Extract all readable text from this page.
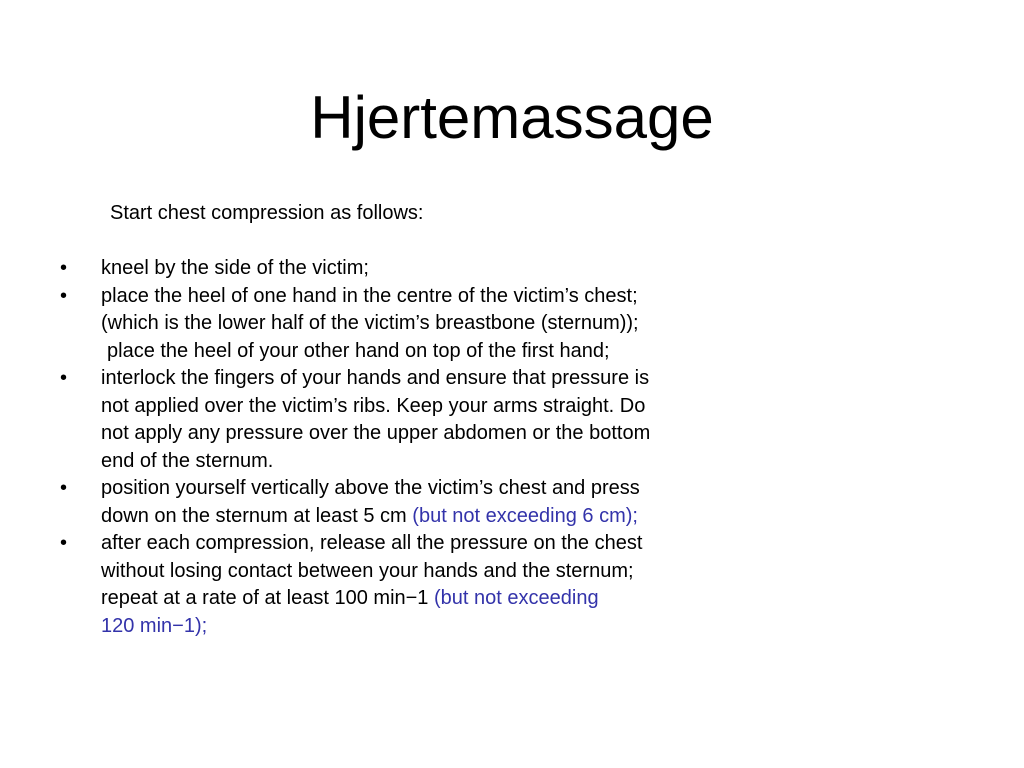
Hjertemassage

Start chest compression as follows:

•	kneel by the side of the victim;
•	place the heel of one hand in the centre of the victim’s chest;
(which is the lower half of the victim’s breastbone (sternum));
place the heel of your other hand on top of the first hand;
•	interlock the fingers of your hands and ensure that pressure is
not applied over the victim’s ribs. Keep your arms straight. Do
not apply any pressure over the upper abdomen or the bottom
end of the sternum.
•	position yourself vertically above the victim’s chest and press
down on the sternum at least 5 cm (but not exceeding 6 cm);
•	after each compression, release all the pressure on the chest
without losing contact between your hands and the sternum;
repeat at a rate of at least 100 min−1 (but not exceeding
120 min−1);
